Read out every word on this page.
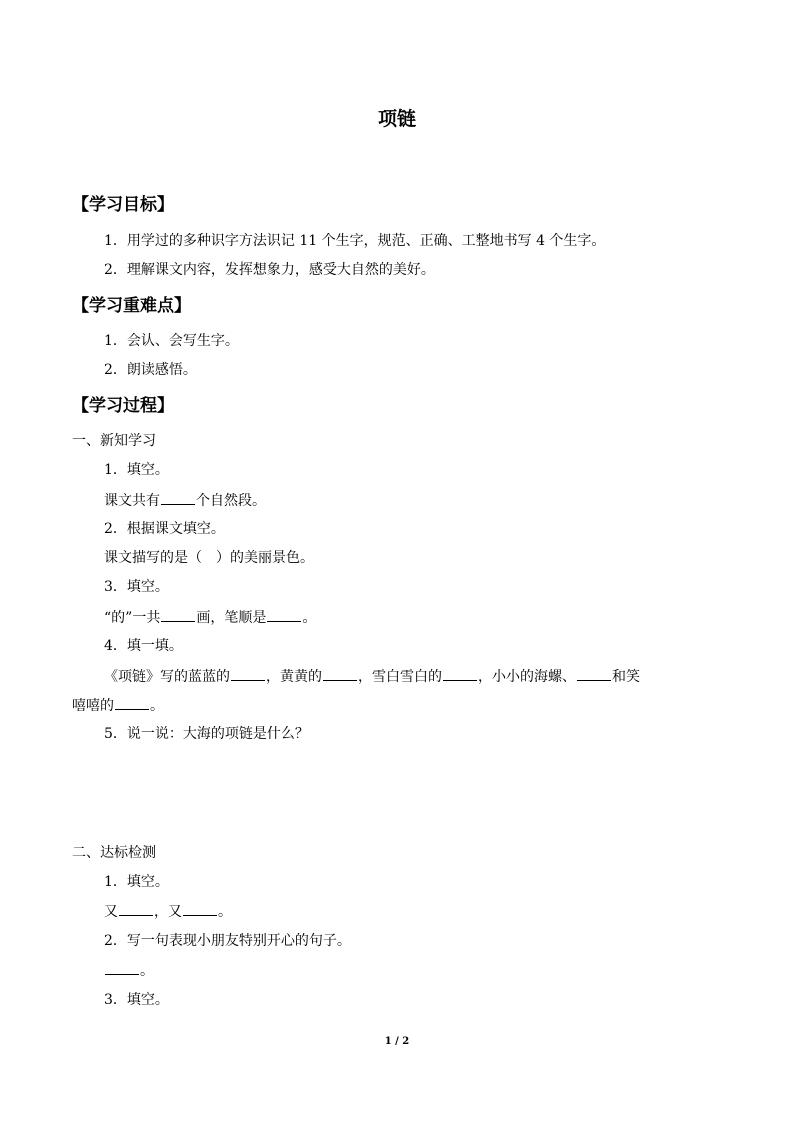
项链
【学习目标】
1．用学过的多种识字方法识记 11 个生字，规范、正确、工整地书写 4 个生字。
2．理解课文内容，发挥想象力，感受大自然的美好。
【学习重难点】
1．会认、会写生字。
2．朗读感悟。
【学习过程】
一、新知学习
1．填空。
课文共有	个自然段。
2．根据课文填空。
课文描写的是（　）的美丽景色。
3．填空。
“的”一共	画，笔顺是	。
4．填一填。
《项链》写的蓝蓝的	，黄黄的	，雪白雪白的	，小小的海螺、	和笑
嘻嘻的	。
5．说一说：大海的项链是什么？
二、达标检测
1．填空。
又	，又	。
2．写一句表现小朋友特别开心的句子。
。
3．填空。
1 / 2
